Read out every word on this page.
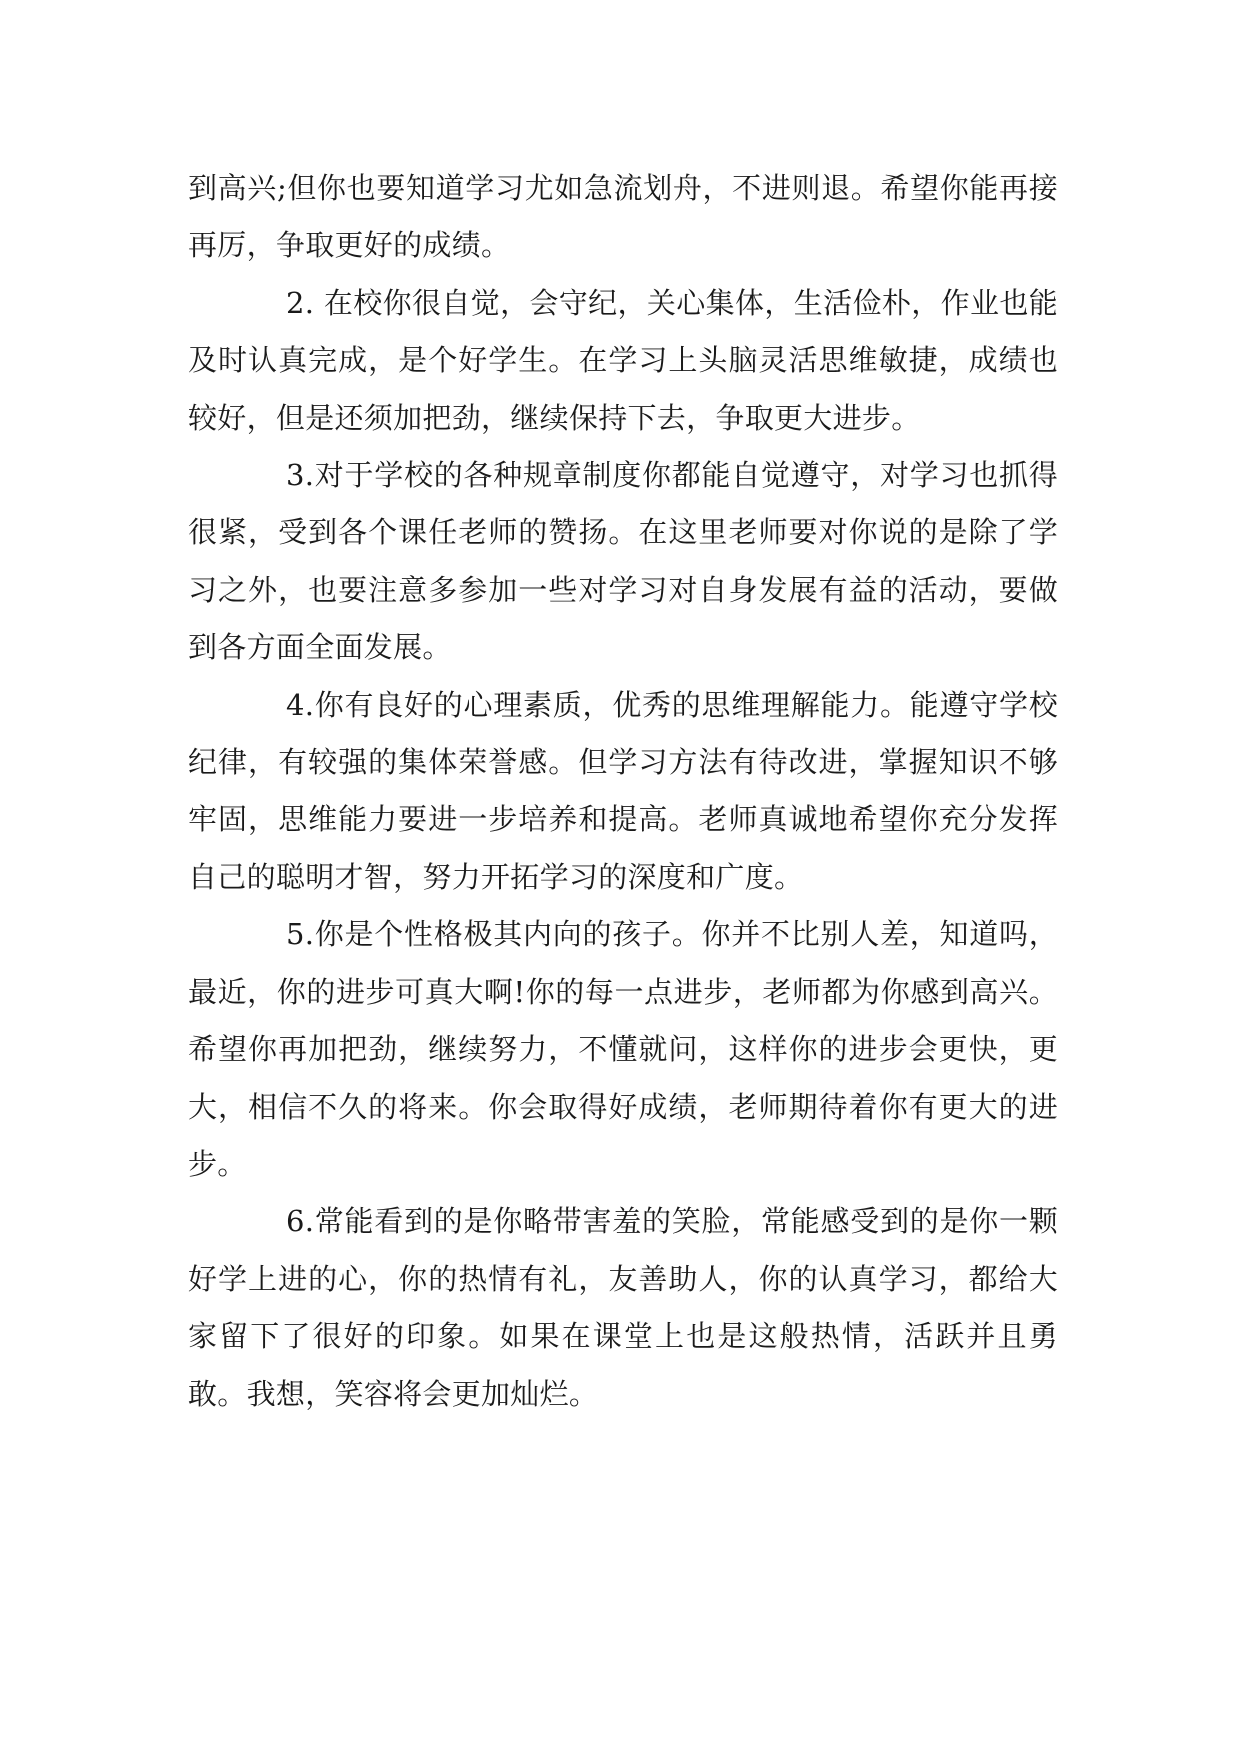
到高兴;但你也要知道学习尤如急流划舟，不进则退。希望你能再接再厉，争取更好的成绩。

2. 在校你很自觉，会守纪，关心集体，生活俭朴，作业也能及时认真完成，是个好学生。在学习上头脑灵活思维敏捷，成绩也较好，但是还须加把劲，继续保持下去，争取更大进步。

3.对于学校的各种规章制度你都能自觉遵守，对学习也抓得很紧，受到各个课任老师的赞扬。在这里老师要对你说的是除了学习之外，也要注意多参加一些对学习对自身发展有益的活动，要做到各方面全面发展。

4.你有良好的心理素质，优秀的思维理解能力。能遵守学校纪律，有较强的集体荣誉感。但学习方法有待改进，掌握知识不够牢固，思维能力要进一步培养和提高。老师真诚地希望你充分发挥自己的聪明才智，努力开拓学习的深度和广度。

5.你是个性格极其内向的孩子。你并不比别人差，知道吗，最近，你的进步可真大啊!你的每一点进步，老师都为你感到高兴。希望你再加把劲，继续努力，不懂就问，这样你的进步会更快，更大，相信不久的将来。你会取得好成绩，老师期待着你有更大的进步。

6.常能看到的是你略带害羞的笑脸，常能感受到的是你一颗好学上进的心，你的热情有礼，友善助人，你的认真学习，都给大家留下了很好的印象。如果在课堂上也是这般热情，活跃并且勇敢。我想，笑容将会更加灿烂。
